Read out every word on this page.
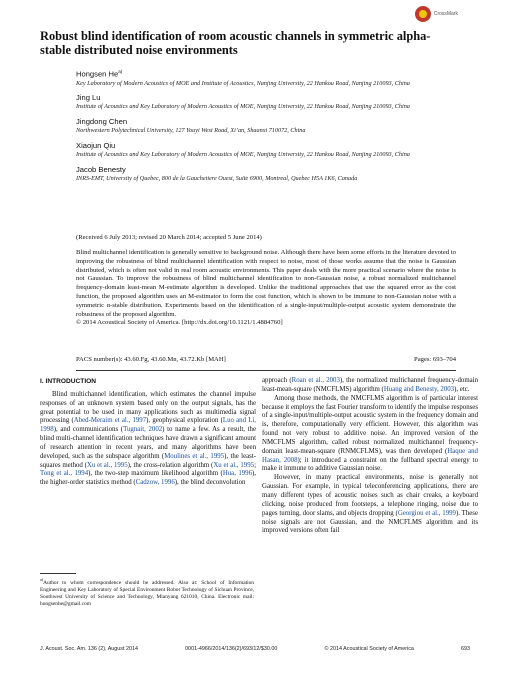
CrossMark
Robust blind identification of room acoustic channels in symmetric alpha-stable distributed noise environments
Hongsen He$^{a)}$
Key Laboratory of Modern Acoustics of MOE and Institute of Acoustics, Nanjing University, 22 Hankou Road, Nanjing 210093, China
Jing Lu
Institute of Acoustics and Key Laboratory of Modern Acoustics of MOE, Nanjing University, 22 Hankou Road, Nanjing 210093, China
Jingdong Chen
Northwestern Polytechnical University, 127 Youyi West Road, Xi’an, Shaanxi 710072, China
Xiaojun Qiu
Institute of Acoustics and Key Laboratory of Modern Acoustics of MOE, Nanjing University, 22 Hankou Road, Nanjing 210093, China
Jacob Benesty
INRS-EMT, University of Quebec, 800 de la Gauchetiere Ouest, Suite 6900, Montreal, Quebec H5A 1K6, Canada
(Received 6 July 2013; revised 20 March 2014; accepted 5 June 2014)
Blind multichannel identification is generally sensitive to background noise. Although there have been some efforts in the literature devoted to improving the robustness of blind multichannel identification with respect to noise, most of those works assume that the noise is Gaussian distributed, which is often not valid in real room acoustic environments. This paper deals with the more practical scenario where the noise is not Gaussian. To improve the robustness of blind multichannel identification to non-Gaussian noise, a robust normalized multichannel frequency-domain least-mean M-estimate algorithm is developed. Unlike the traditional approaches that use the squared error as the cost function, the proposed algorithm uses an M-estimator to form the cost function, which is shown to be immune to non-Gaussian noise with a symmetric α-stable distribution. Experiments based on the identification of a single-input/multiple-output acoustic system demonstrate the robustness of the proposed algorithm.
© 2014 Acoustical Society of America. [http://dx.doi.org/10.1121/1.4884760]
PACS number(s): 43.60.Fg, 43.60.Mn, 43.72.Kb [MAH]	Pages: 693–704
I. INTRODUCTION

Blind multichannel identification, which estimates the channel impulse responses of an unknown system based only on the output signals, has the great potential to be used in many applications such as multimedia signal processing (Abed-Meraim et al., 1997), geophysical exploration (Luo and Li, 1998), and communications (Tugnait, 2002) to name a few. As a result, the blind multi-channel identification techniques have drawn a significant amount of research attention in recent years, and many algorithms have been developed, such as the subspace algorithm (Moulines et al., 1995), the least-squares method (Xu et al., 1995), the cross-relation algorithm (Xu et al., 1995; Tong et al., 1994), the two-step maximum likelihood algorithm (Hua, 1996), the higher-order statistics method (Cadzow, 1996), the blind deconvolution

approach (Roan et al., 2003), the normalized multichannel frequency-domain least-mean-square (NMCFLMS) algorithm (Huang and Benesty, 2003), etc.

Among those methods, the NMCFLMS algorithm is of particular interest because it employs the fast Fourier transform to identify the impulse responses of a single-input/multiple-output acoustic system in the frequency domain and is, therefore, computationally very efficient. However, this algorithm was found not very robust to additive noise. An improved version of the NMCFLMS algorithm, called robust normalized multichannel frequency-domain least-mean-square (RNMCFLMS), was then developed (Haque and Hasan, 2008); it introduced a constraint on the fullband spectral energy to make it immune to additive Gaussian noise.

However, in many practical environments, noise is generally not Gaussian. For example, in typical teleconferencing applications, there are many different types of acoustic noises such as chair creaks, a keyboard clicking, noise produced from footsteps, a telephone ringing, noise due to pages turning, door slams, and objects dropping (Georgiou et al., 1999). These noise signals are not Gaussian, and the NMCFLMS algorithm and its improved versions often fail

$^{a)}$Author to whom correspondence should be addressed. Also at: School of Information Engineering and Key Laboratory of Special Environment Robot Technology of Sichuan Province, Southwest University of Science and Technology, Mianyang 621010, China. Electronic mail: hongsenhe@gmail.com
J. Acoust. Soc. Am. 136 (2), August 2014	0001-4966/2014/136(2)/693/12/$30.00	© 2014 Acoustical Society of America	693
